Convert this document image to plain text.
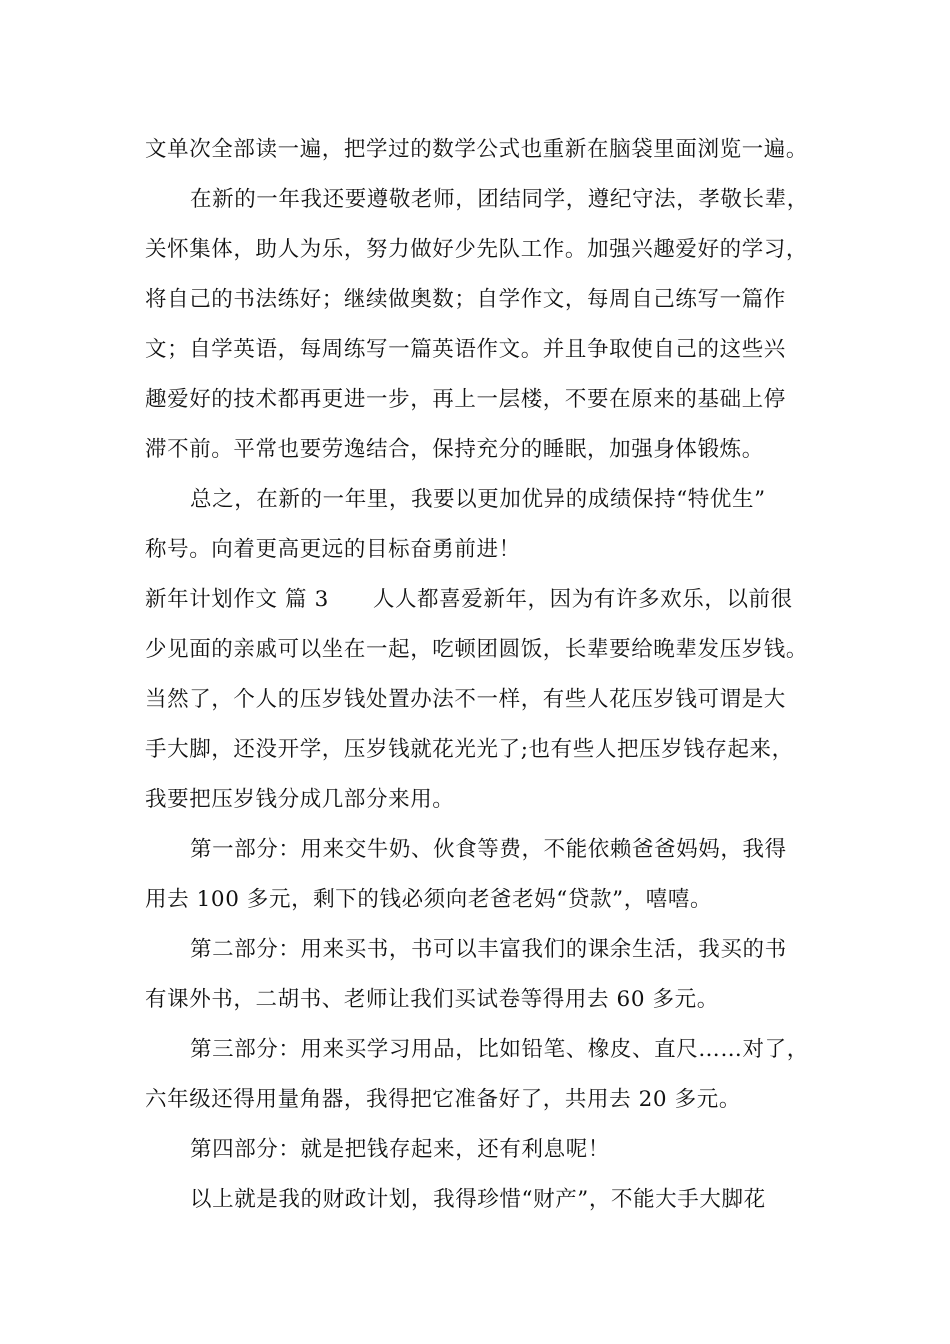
文单次全部读一遍，把学过的数学公式也重新在脑袋里面浏览一遍。
在新的一年我还要遵敬老师，团结同学，遵纪守法，孝敬长辈，
关怀集体，助人为乐，努力做好少先队工作。加强兴趣爱好的学习，
将自己的书法练好；继续做奥数；自学作文，每周自己练写一篇作
文；自学英语，每周练写一篇英语作文。并且争取使自己的这些兴
趣爱好的技术都再更进一步，再上一层楼，不要在原来的基础上停
滞不前。平常也要劳逸结合，保持充分的睡眠，加强身体锻炼。
总之，在新的一年里，我要以更加优异的成绩保持“特优生”
称号。向着更高更远的目标奋勇前进！
新年计划作文 篇 3 人人都喜爱新年，因为有许多欢乐，以前很
少见面的亲戚可以坐在一起，吃顿团圆饭，长辈要给晚辈发压岁钱。
当然了，个人的压岁钱处置办法不一样，有些人花压岁钱可谓是大
手大脚，还没开学，压岁钱就花光光了;也有些人把压岁钱存起来，
我要把压岁钱分成几部分来用。
第一部分：用来交牛奶、伙食等费，不能依赖爸爸妈妈，我得
用去 100 多元，剩下的钱必须向老爸老妈“贷款”，嘻嘻。
第二部分：用来买书，书可以丰富我们的课余生活，我买的书
有课外书，二胡书、老师让我们买试卷等得用去 60 多元。
第三部分：用来买学习用品，比如铅笔、橡皮、直尺……对了，
六年级还得用量角器，我得把它准备好了，共用去 20 多元。
第四部分：就是把钱存起来，还有利息呢！
以上就是我的财政计划，我得珍惜“财产”，不能大手大脚花
